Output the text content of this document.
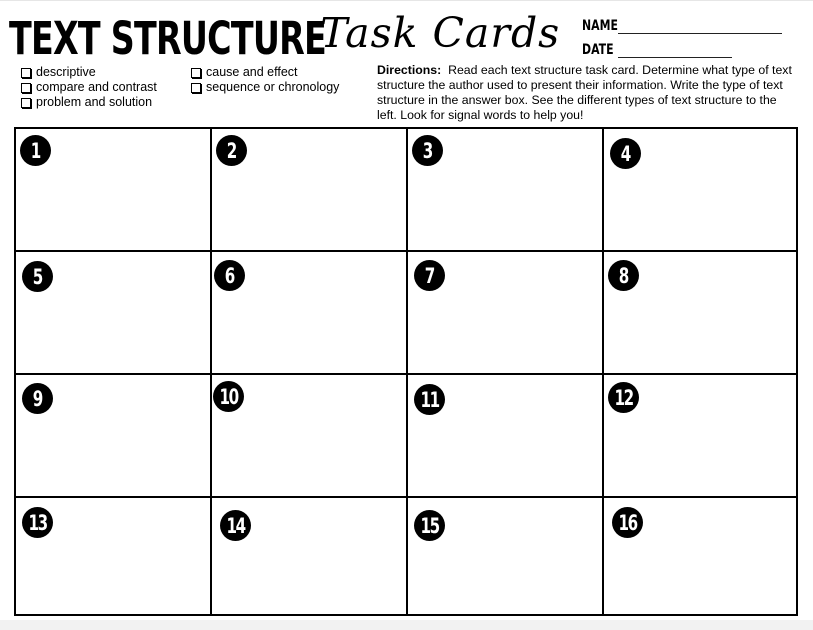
TEXT STRUCTURE
Task Cards NAME
DATE
descriptive
compare and contrast
problem and solution
cause and effect
sequence or chronology
Directions: Read each text structure task card. Determine what type of text structure the author used to present their information. Write the type of text structure in the answer box. See the different types of text structure to the left. Look for signal words to help you!
1	2	3	4
5	6	7	8
9	10	11	12
13	14	15	16
